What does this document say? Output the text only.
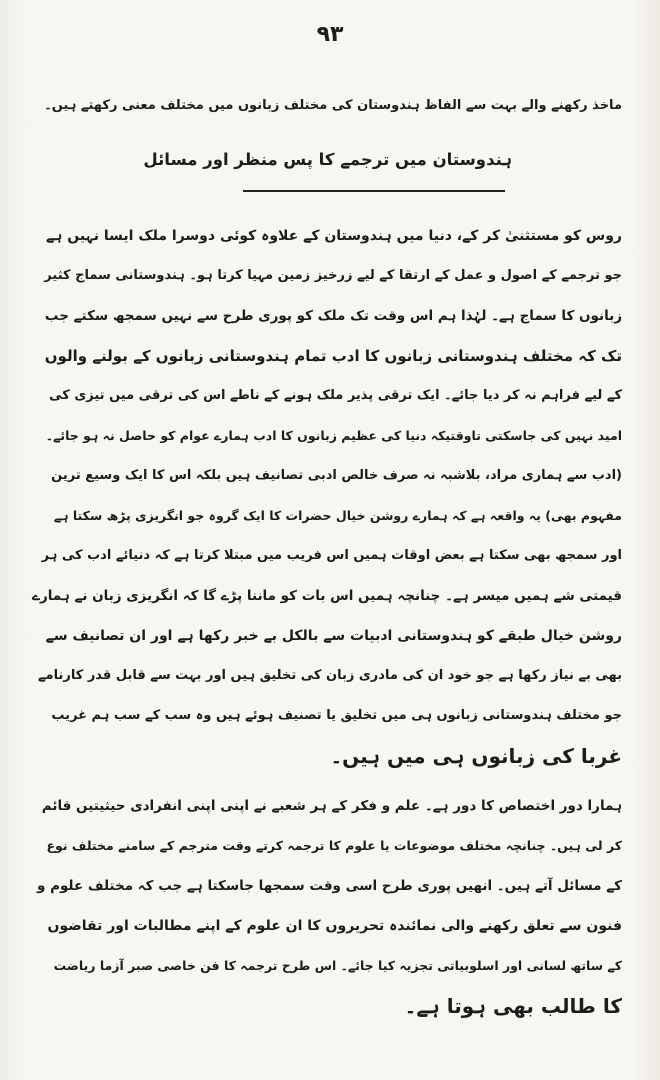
۹۳
ماخذ رکھنے والے بہت سے الفاظ ہندوستان کی مختلف زبانوں میں مختلف معنی رکھتے ہیں۔
ہندوستان میں ترجمے کا پس منظر اور مسائل
روس کو مستثنیٰ کر کے، دنیا میں ہندوستان کے علاوہ کوئی دوسرا ملک ایسا نہیں ہے
جو ترجمے کے اصول و عمل کے ارتقا کے لیے زرخیز زمین مہیا کرتا ہو۔ ہندوستانی سماج کثیر
زبانوں کا سماج ہے۔ لہٰذا ہم اس وقت تک ملک کو پوری طرح سے نہیں سمجھ سکتے جب
تک کہ مختلف ہندوستانی زبانوں کا ادب تمام ہندوستانی زبانوں کے بولنے والوں
کے لیے فراہم نہ کر دیا جائے۔ ایک ترقی پذیر ملک ہونے کے ناطے اس کی ترقی میں تیزی کی
امید نہیں کی جاسکتی تاوقتیکہ دنیا کی عظیم زبانوں کا ادب ہمارے عوام کو حاصل نہ ہو جائے۔
(ادب سے ہماری مراد، بلاشبہ نہ صرف خالص ادبی تصانیف ہیں بلکہ اس کا ایک وسیع ترین
مفہوم بھی) یہ واقعہ ہے کہ ہمارے روشن خیال حضرات کا ایک گروہ جو انگریزی پڑھ سکتا ہے
اور سمجھ بھی سکتا ہے بعض اوقات ہمیں اس فریب میں مبتلا کرتا ہے کہ دنیائے ادب کی ہر
قیمتی شے ہمیں میسر ہے۔ چنانچہ ہمیں اس بات کو ماننا پڑے گا کہ انگریزی زبان نے ہمارے
روشن خیال طبقے کو ہندوستانی ادبیات سے بالکل بے خبر رکھا ہے اور ان تصانیف سے
بھی بے نیاز رکھا ہے جو خود ان کی مادری زبان کی تخلیق ہیں اور بہت سے قابل قدر کارنامے
جو مختلف ہندوستانی زبانوں ہی میں تخلیق یا تصنیف ہوئے ہیں وہ سب کے سب ہم غریب
غربا کی زبانوں ہی میں ہیں۔
ہمارا دور اختصاص کا دور ہے۔ علم و فکر کے ہر شعبے نے اپنی اپنی انفرادی حیثیتیں قائم
کر لی ہیں۔ چنانچہ مختلف موضوعات یا علوم کا ترجمہ کرتے وقت مترجم کے سامنے مختلف نوع
کے مسائل آتے ہیں۔ انھیں پوری طرح اسی وقت سمجھا جاسکتا ہے جب کہ مختلف علوم و
فنون سے تعلق رکھنے والی نمائندہ تحریروں کا ان علوم کے اپنے مطالبات اور تقاضوں
کے ساتھ لسانی اور اسلوبیاتی تجزیہ کیا جائے۔ اس طرح ترجمہ کا فن خاصی صبر آزما ریاضت
کا طالب بھی ہوتا ہے۔
